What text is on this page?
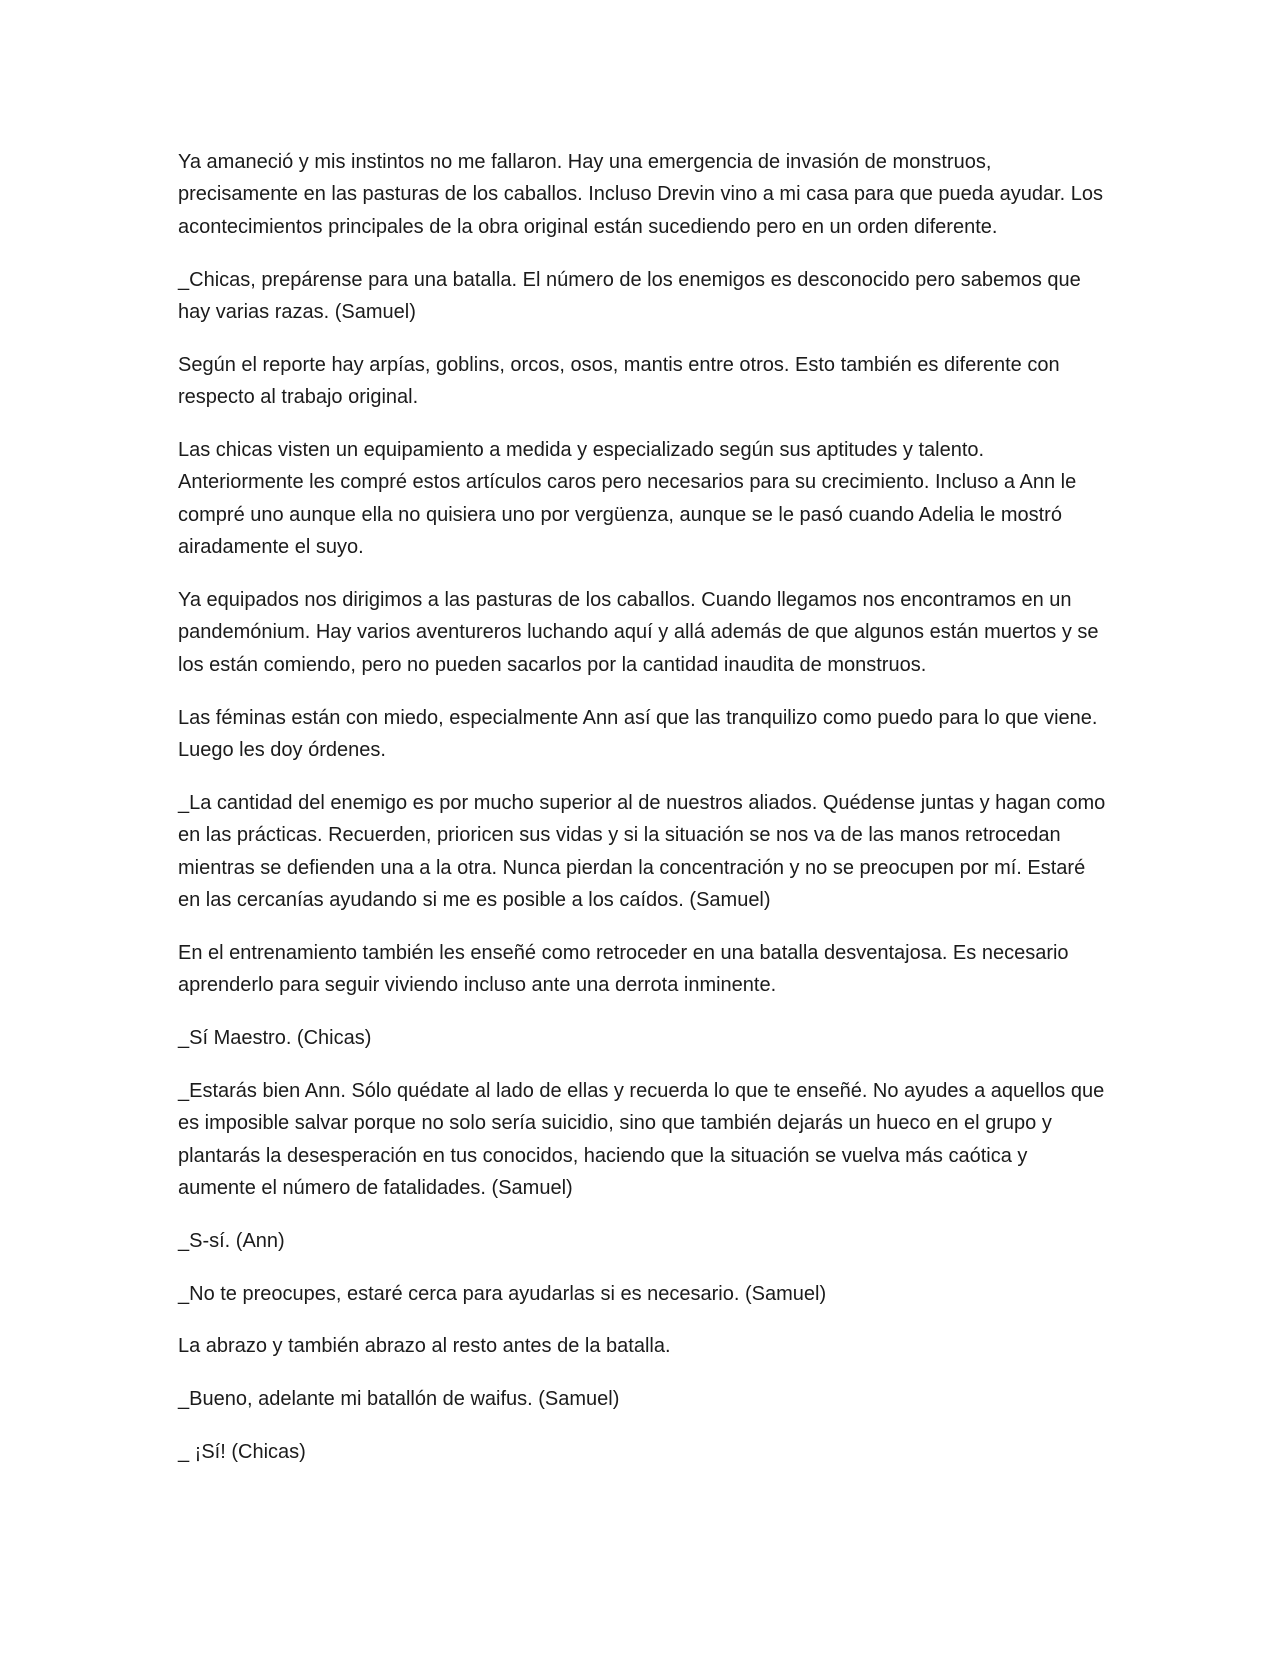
Ya amaneció y mis instintos no me fallaron. Hay una emergencia de invasión de monstruos, precisamente en las pasturas de los caballos. Incluso Drevin vino a mi casa para que pueda ayudar. Los acontecimientos principales de la obra original están sucediendo pero en un orden diferente.

_Chicas, prepárense para una batalla. El número de los enemigos es desconocido pero sabemos que hay varias razas. (Samuel)

Según el reporte hay arpías, goblins, orcos, osos, mantis entre otros. Esto también es diferente con respecto al trabajo original.

Las chicas visten un equipamiento a medida y especializado según sus aptitudes y talento. Anteriormente les compré estos artículos caros pero necesarios para su crecimiento. Incluso a Ann le compré uno aunque ella no quisiera uno por vergüenza, aunque se le pasó cuando Adelia le mostró airadamente el suyo.

Ya equipados nos dirigimos a las pasturas de los caballos. Cuando llegamos nos encontramos en un pandemónium. Hay varios aventureros luchando aquí y allá además de que algunos están muertos y se los están comiendo, pero no pueden sacarlos por la cantidad inaudita de monstruos.

Las féminas están con miedo, especialmente Ann así que las tranquilizo como puedo para lo que viene. Luego les doy órdenes.

_La cantidad del enemigo es por mucho superior al de nuestros aliados. Quédense juntas y hagan como en las prácticas. Recuerden, prioricen sus vidas y si la situación se nos va de las manos retrocedan mientras se defienden una a la otra. Nunca pierdan la concentración y no se preocupen por mí. Estaré en las cercanías ayudando si me es posible a los caídos. (Samuel)

En el entrenamiento también les enseñé como retroceder en una batalla desventajosa. Es necesario aprenderlo para seguir viviendo incluso ante una derrota inminente.

_Sí Maestro. (Chicas)

_Estarás bien Ann. Sólo quédate al lado de ellas y recuerda lo que te enseñé. No ayudes a aquellos que es imposible salvar porque no solo sería suicidio, sino que también dejarás un hueco en el grupo y plantarás la desesperación en tus conocidos, haciendo que la situación se vuelva más caótica y aumente el número de fatalidades. (Samuel)

_S-sí. (Ann)

_No te preocupes, estaré cerca para ayudarlas si es necesario. (Samuel)

La abrazo y también abrazo al resto antes de la batalla.

_Bueno, adelante mi batallón de waifus. (Samuel)

_ ¡Sí! (Chicas)
